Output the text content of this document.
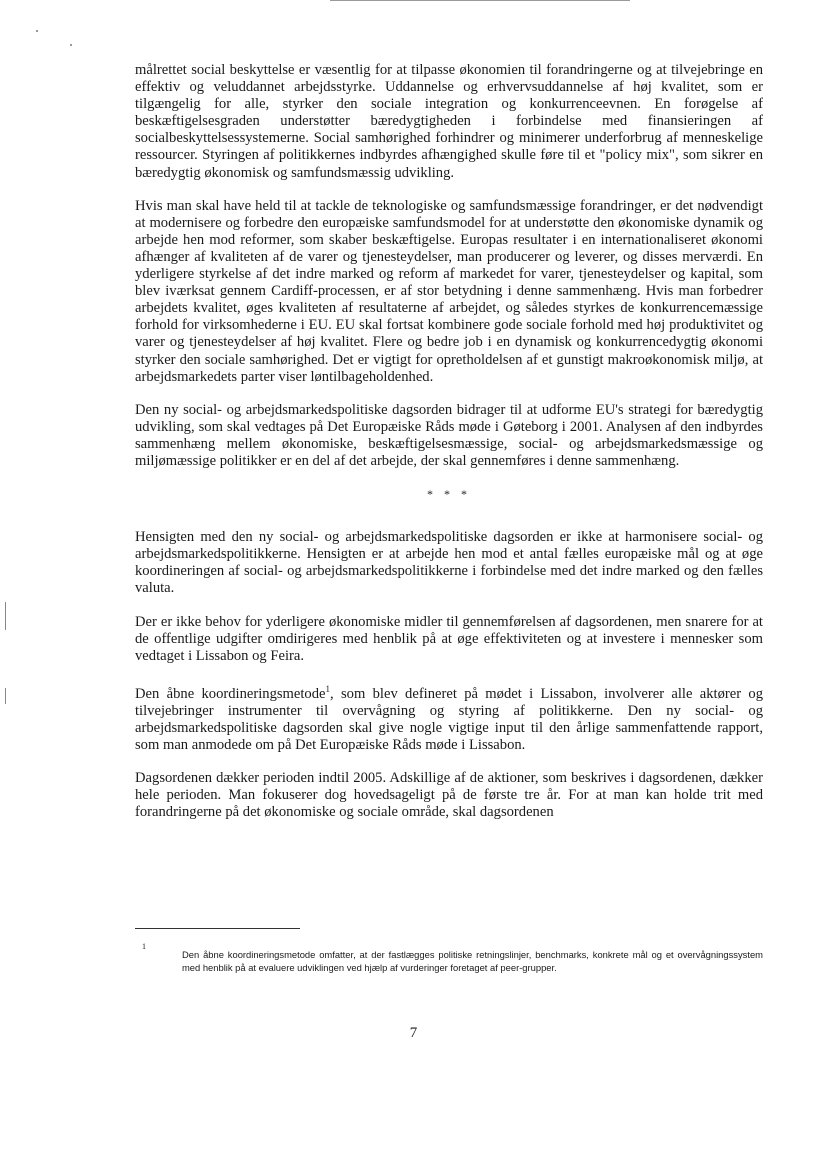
målrettet social beskyttelse er væsentlig for at tilpasse økonomien til forandringerne og at tilvejebringe en effektiv og veluddannet arbejdsstyrke. Uddannelse og erhvervsuddannelse af høj kvalitet, som er tilgængelig for alle, styrker den sociale integration og konkurrenceevnen. En forøgelse af beskæftigelsesgraden understøtter bæredygtigheden i forbindelse med finansieringen af socialbeskyttelsessystemerne. Social samhørighed forhindrer og minimerer underforbrug af menneskelige ressourcer. Styringen af politikkernes indbyrdes afhængighed skulle føre til et "policy mix", som sikrer en bæredygtig økonomisk og samfundsmæssig udvikling.

Hvis man skal have held til at tackle de teknologiske og samfundsmæssige forandringer, er det nødvendigt at modernisere og forbedre den europæiske samfundsmodel for at understøtte den økonomiske dynamik og arbejde hen mod reformer, som skaber beskæftigelse. Europas resultater i en internationaliseret økonomi afhænger af kvaliteten af de varer og tjenesteydelser, man producerer og leverer, og disses merværdi. En yderligere styrkelse af det indre marked og reform af markedet for varer, tjenesteydelser og kapital, som blev iværksat gennem Cardiff-processen, er af stor betydning i denne sammenhæng. Hvis man forbedrer arbejdets kvalitet, øges kvaliteten af resultaterne af arbejdet, og således styrkes de konkurrencemæssige forhold for virksomhederne i EU. EU skal fortsat kombinere gode sociale forhold med høj produktivitet og varer og tjenesteydelser af høj kvalitet. Flere og bedre job i en dynamisk og konkurrencedygtig økonomi styrker den sociale samhørighed. Det er vigtigt for opretholdelsen af et gunstigt makroøkonomisk miljø, at arbejdsmarkedets parter viser løntilbageholdenhed.

Den ny social- og arbejdsmarkedspolitiske dagsorden bidrager til at udforme EU's strategi for bæredygtig udvikling, som skal vedtages på Det Europæiske Råds møde i Gøteborg i 2001. Analysen af den indbyrdes sammenhæng mellem økonomiske, beskæftigelsesmæssige, social- og arbejdsmarkedsmæssige og miljømæssige politikker er en del af det arbejde, der skal gennemføres i denne sammenhæng.

* * *

Hensigten med den ny social- og arbejdsmarkedspolitiske dagsorden er ikke at harmonisere social- og arbejdsmarkedspolitikkerne. Hensigten er at arbejde hen mod et antal fælles europæiske mål og at øge koordineringen af social- og arbejdsmarkedspolitikkerne i forbindelse med det indre marked og den fælles valuta.

Der er ikke behov for yderligere økonomiske midler til gennemførelsen af dagsordenen, men snarere for at de offentlige udgifter omdirigeres med henblik på at øge effektiviteten og at investere i mennesker som vedtaget i Lissabon og Feira.

Den åbne koordineringsmetode$^1$, som blev defineret på mødet i Lissabon, involverer alle aktører og tilvejebringer instrumenter til overvågning og styring af politikkerne. Den ny social- og arbejdsmarkedspolitiske dagsorden skal give nogle vigtige input til den årlige sammenfattende rapport, som man anmodede om på Det Europæiske Råds møde i Lissabon.

Dagsordenen dækker perioden indtil 2005. Adskillige af de aktioner, som beskrives i dagsordenen, dækker hele perioden. Man fokuserer dog hovedsageligt på de første tre år. For at man kan holde trit med forandringerne på det økonomiske og sociale område, skal dagsordenen

1
Den åbne koordineringsmetode omfatter, at der fastlægges politiske retningslinjer, benchmarks, konkrete mål og et overvågningssystem med henblik på at evaluere udviklingen ved hjælp af vurderinger foretaget af peer-grupper.
7
